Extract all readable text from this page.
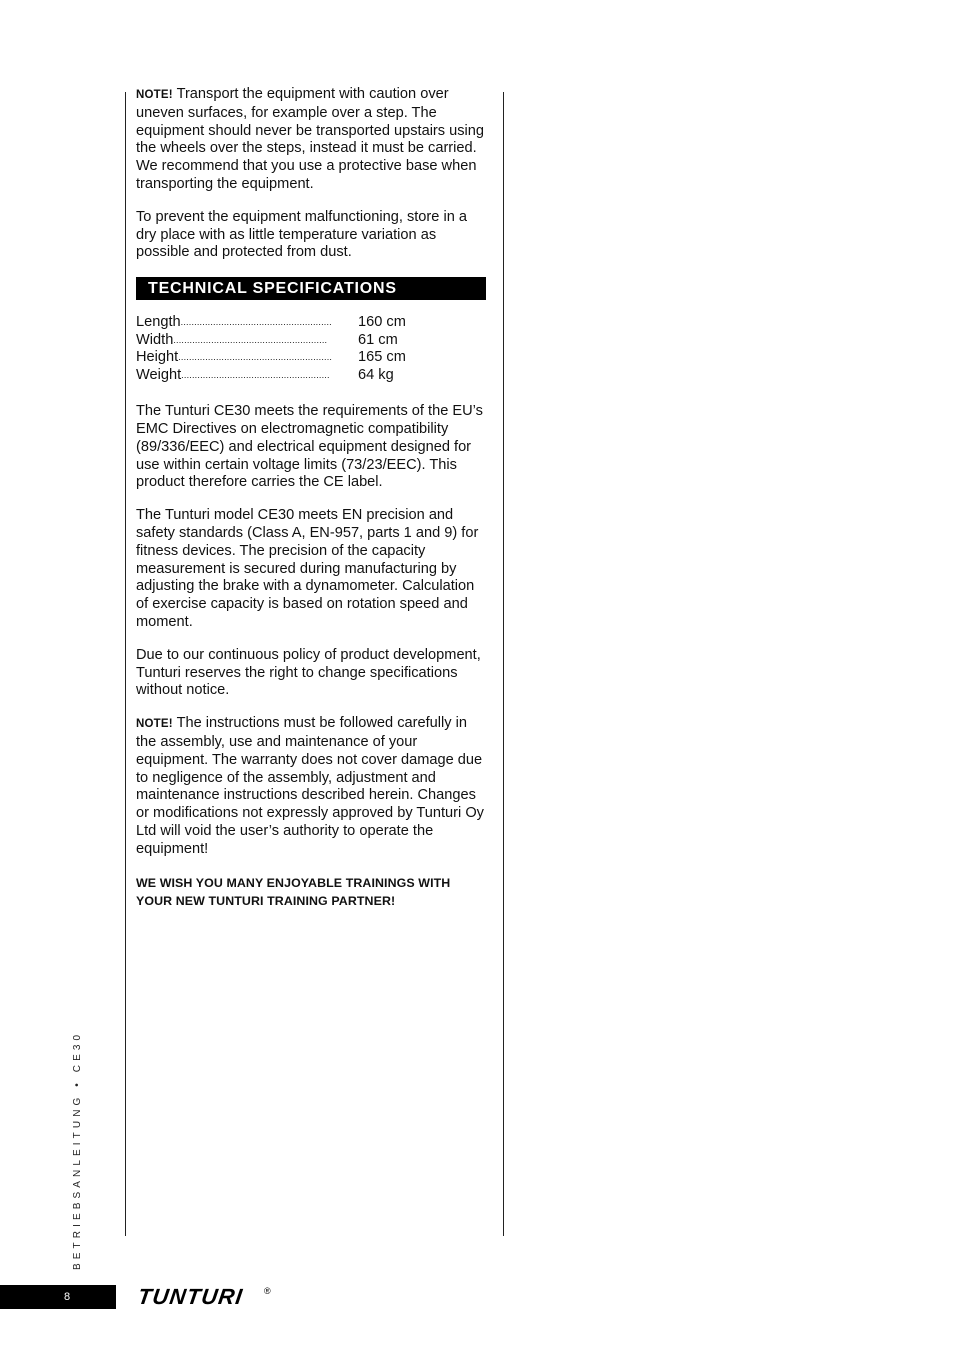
NOTE! Transport the equipment with caution over uneven surfaces, for example over a step. The equipment should never be transported upstairs using the wheels over the steps, instead it must be carried. We recommend that you use a protective base when transporting the equipment.

To prevent the equipment malfunctioning, store in a dry place with as little temperature variation as possible and protected from dust.

TECHNICAL SPECIFICATIONS
Length ........................................................	160 cm
Width .........................................................	61 cm
Height .........................................................	165 cm
Weight .......................................................	64 kg

The Tunturi CE30 meets the requirements of the EU’s EMC Directives on electromagnetic compatibility (89/336/EEC) and electrical equipment designed for use within certain voltage limits (73/23/EEC). This product therefore carries the CE label.

The Tunturi model CE30 meets EN precision and safety standards (Class A, EN-957, parts 1 and 9) for fitness devices. The precision of the capacity measurement is secured during manufacturing by adjusting the brake with a dynamometer. Calculation of exercise capacity is based on rotation speed and moment.

Due to our continuous policy of product development, Tunturi reserves the right to change specifications without notice.

NOTE! The instructions must be followed carefully in the assembly, use and maintenance of your equipment. The warranty does not cover damage due to negligence of the assembly, adjustment and maintenance instructions described herein. Changes or modifications not expressly approved by Tunturi Oy Ltd will void the user’s authority to operate the equipment!

WE WISH YOU MANY ENJOYABLE TRAININGS WITH
YOUR NEW TUNTURI TRAINING PARTNER!
BETRIEBSANLEITUNG • CE30
8	TUNTURI ®
